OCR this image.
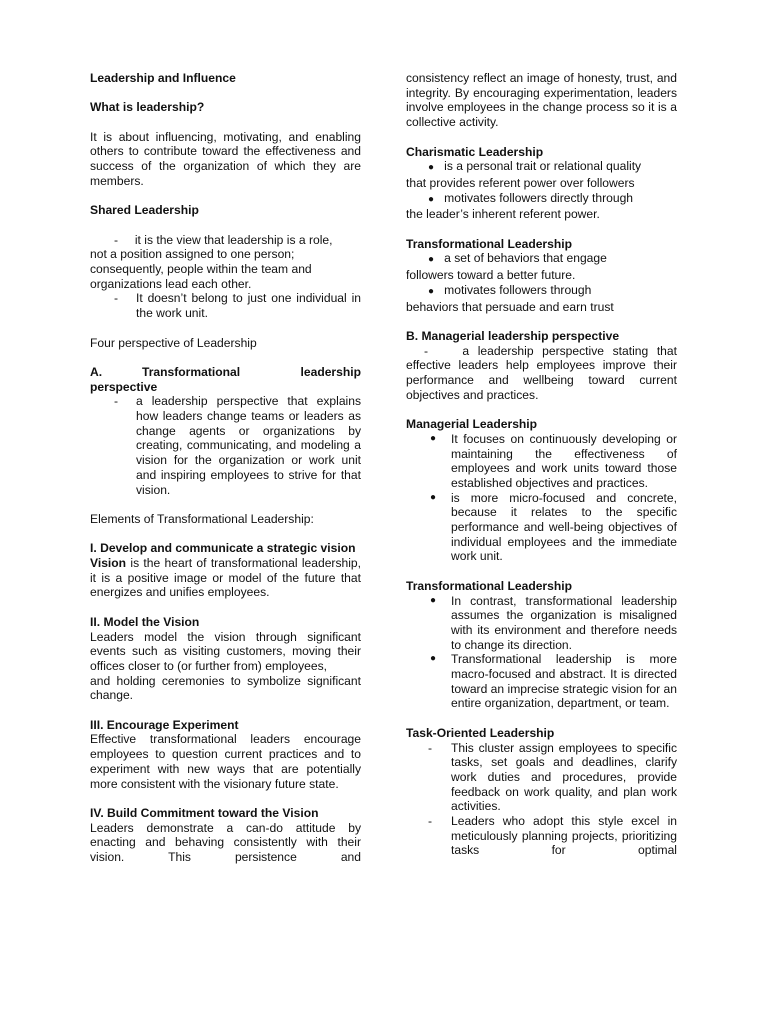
Leadership and Influence

What is leadership?

It is about influencing, motivating, and enabling others to contribute toward the effectiveness and success of the organization of which they are members.

Shared Leadership

- it is the view that leadership is a role,

not a position assigned to one person; consequently, people within the team and organizations lead each other.

-	It doesn’t belong to just one individual in the work unit.

Four perspective of Leadership

A.	Transformational leadership perspective
-	a leadership perspective that explains how leaders change teams or leaders as change agents or organizations by creating, communicating, and modeling a vision for the organization or work unit and inspiring employees to strive for that vision.

Elements of Transformational Leadership:

I. Develop and communicate a strategic vision

Vision is the heart of transformational leadership, it is a positive image or model of the future that energizes and unifies employees.

II. Model the Vision

Leaders model the vision through significant events such as visiting customers, moving their offices closer to (or further from) employees,

and holding ceremonies to symbolize significant change.

III. Encourage Experiment

Effective transformational leaders encourage employees to question current practices and to experiment with new ways that are potentially more consistent with the visionary future state.

IV. Build Commitment toward the Vision

Leaders demonstrate a can-do attitude by enacting and behaving consistently with their vision. This persistence and

consistency reflect an image of honesty, trust, and integrity. By encouraging experimentation, leaders involve employees in the change process so it is a collective activity.

Charismatic Leadership

● is a personal trait or relational quality

that provides referent power over followers

● motivates followers directly through

the leader’s inherent referent power.

Transformational Leadership

● a set of behaviors that engage

followers toward a better future.

● motivates followers through

behaviors that persuade and earn trust

B. Managerial leadership perspective

-	a leadership perspective stating that effective leaders help employees improve their performance and wellbeing toward current objectives and practices.

Managerial Leadership

●	It focuses on continuously developing or maintaining the effectiveness of employees and work units toward those established objectives and practices.
●	is more micro-focused and concrete, because it relates to the specific performance and well-being objectives of individual employees and the immediate work unit.

Transformational Leadership

●	In contrast, transformational leadership assumes the organization is misaligned with its environment and therefore needs to change its direction.
●	Transformational leadership is more macro-focused and abstract. It is directed toward an imprecise strategic vision for an entire organization, department, or team.

Task-Oriented Leadership

-	This cluster assign employees to specific tasks, set goals and deadlines, clarify work duties and procedures, provide feedback on work quality, and plan work activities.
-	Leaders who adopt this style excel in meticulously planning projects, prioritizing tasks for optimal
